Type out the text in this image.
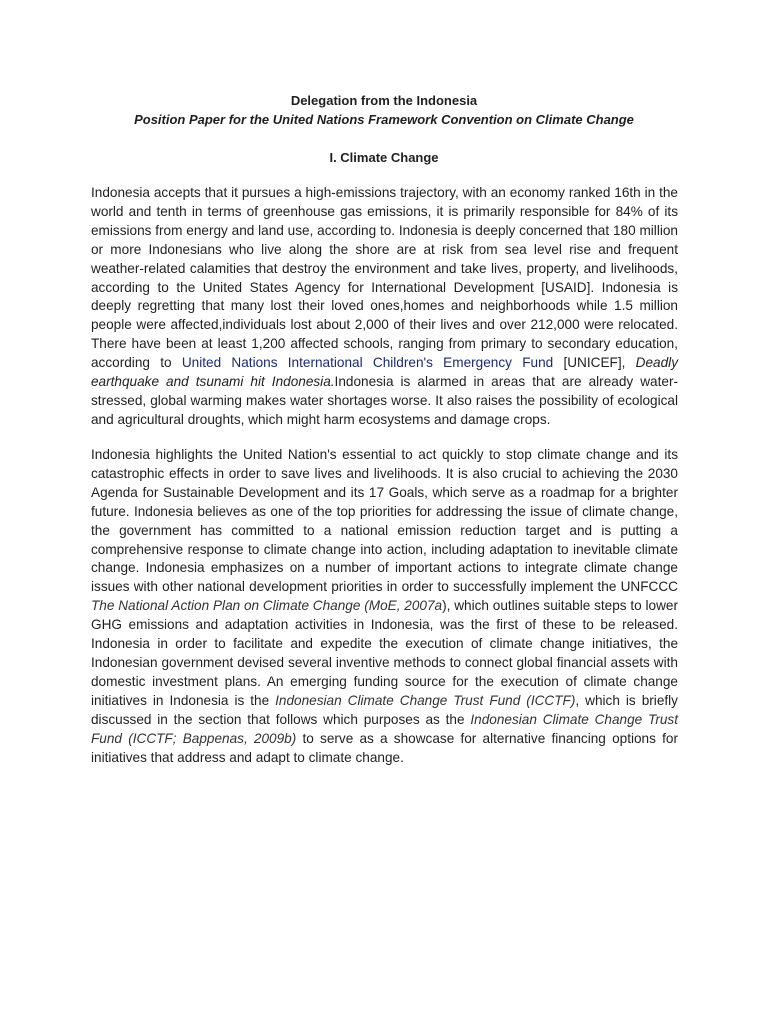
Delegation from the Indonesia
Position Paper for the United Nations Framework Convention on Climate Change
I. Climate Change

Indonesia accepts that it pursues a high-emissions trajectory, with an economy ranked 16th in the world and tenth in terms of greenhouse gas emissions, it is primarily responsible for 84% of its emissions from energy and land use, according to. Indonesia is deeply concerned that 180 million or more Indonesians who live along the shore are at risk from sea level rise and frequent weather-related calamities that destroy the environment and take lives, property, and livelihoods, according to the United States Agency for International Development [USAID]. Indonesia is deeply regretting that many lost their loved ones,homes and neighborhoods while 1.5 million people were affected,individuals lost about 2,000 of their lives and over 212,000 were relocated. There have been at least 1,200 affected schools, ranging from primary to secondary education, according to United Nations International Children's Emergency Fund [UNICEF], Deadly earthquake and tsunami hit Indonesia.Indonesia is alarmed in areas that are already water-stressed, global warming makes water shortages worse. It also raises the possibility of ecological and agricultural droughts, which might harm ecosystems and damage crops.

Indonesia highlights the United Nation's essential to act quickly to stop climate change and its catastrophic effects in order to save lives and livelihoods. It is also crucial to achieving the 2030 Agenda for Sustainable Development and its 17 Goals, which serve as a roadmap for a brighter future. Indonesia believes as one of the top priorities for addressing the issue of climate change, the government has committed to a national emission reduction target and is putting a comprehensive response to climate change into action, including adaptation to inevitable climate change. Indonesia emphasizes on a number of important actions to integrate climate change issues with other national development priorities in order to successfully implement the UNFCCC The National Action Plan on Climate Change (MoE, 2007a), which outlines suitable steps to lower GHG emissions and adaptation activities in Indonesia, was the first of these to be released. Indonesia in order to facilitate and expedite the execution of climate change initiatives, the Indonesian government devised several inventive methods to connect global financial assets with domestic investment plans. An emerging funding source for the execution of climate change initiatives in Indonesia is the Indonesian Climate Change Trust Fund (ICCTF), which is briefly discussed in the section that follows which purposes as the Indonesian Climate Change Trust Fund (ICCTF; Bappenas, 2009b) to serve as a showcase for alternative financing options for initiatives that address and adapt to climate change.
